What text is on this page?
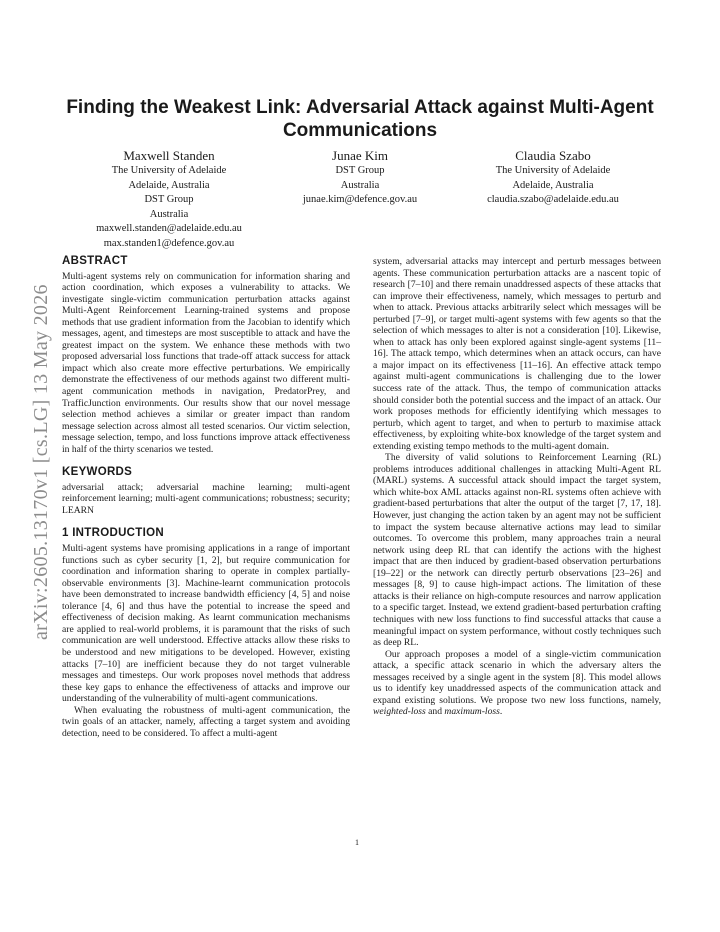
Finding the Weakest Link: Adversarial Attack against Multi-Agent Communications
Maxwell Standen
The University of Adelaide
Adelaide, Australia
DST Group
Australia
maxwell.standen@adelaide.edu.au
max.standen1@defence.gov.au
Junae Kim
DST Group
Australia
junae.kim@defence.gov.au
Claudia Szabo
The University of Adelaide
Adelaide, Australia
claudia.szabo@adelaide.edu.au
arXiv:2605.13170v1 [cs.LG] 13 May 2026
ABSTRACT

Multi-agent systems rely on communication for information sharing and action coordination, which exposes a vulnerability to attacks. We investigate single-victim communication perturbation attacks against Multi-Agent Reinforcement Learning-trained systems and propose methods that use gradient information from the Jacobian to identify which messages, agent, and timesteps are most susceptible to attack and have the greatest impact on the system. We enhance these methods with two proposed adversarial loss functions that trade-off attack success for attack impact which also create more effective perturbations. We empirically demonstrate the effectiveness of our methods against two different multi-agent communication methods in navigation, PredatorPrey, and TrafficJunction environments. Our results show that our novel message selection method achieves a similar or greater impact than random message selection across almost all tested scenarios. Our victim selection, message selection, tempo, and loss functions improve attack effectiveness in half of the thirty scenarios we tested.

KEYWORDS

adversarial attack; adversarial machine learning; multi-agent reinforcement learning; multi-agent communications; robustness; security; LEARN

1 INTRODUCTION

Multi-agent systems have promising applications in a range of important functions such as cyber security [1, 2], but require communication for coordination and information sharing to operate in complex partially-observable environments [3]. Machine-learnt communication protocols have been demonstrated to increase bandwidth efficiency [4, 5] and noise tolerance [4, 6] and thus have the potential to increase the speed and effectiveness of decision making. As learnt communication mechanisms are applied to real-world problems, it is paramount that the risks of such communication are well understood. Effective attacks allow these risks to be understood and new mitigations to be developed. However, existing attacks [7–10] are inefficient because they do not target vulnerable messages and timesteps. Our work proposes novel methods that address these key gaps to enhance the effectiveness of attacks and improve our understanding of the vulnerability of multi-agent communications.

When evaluating the robustness of multi-agent communication, the twin goals of an attacker, namely, affecting a target system and avoiding detection, need to be considered. To affect a multi-agent

system, adversarial attacks may intercept and perturb messages between agents. These communication perturbation attacks are a nascent topic of research [7–10] and there remain unaddressed aspects of these attacks that can improve their effectiveness, namely, which messages to perturb and when to attack. Previous attacks arbitrarily select which messages will be perturbed [7–9], or target multi-agent systems with few agents so that the selection of which messages to alter is not a consideration [10]. Likewise, when to attack has only been explored against single-agent systems [11–16]. The attack tempo, which determines when an attack occurs, can have a major impact on its effectiveness [11–16]. An effective attack tempo against multi-agent communications is challenging due to the lower success rate of the attack. Thus, the tempo of communication attacks should consider both the potential success and the impact of an attack. Our work proposes methods for efficiently identifying which messages to perturb, which agent to target, and when to perturb to maximise attack effectiveness, by exploiting white-box knowledge of the target system and extending existing tempo methods to the multi-agent domain.

The diversity of valid solutions to Reinforcement Learning (RL) problems introduces additional challenges in attacking Multi-Agent RL (MARL) systems. A successful attack should impact the target system, which white-box AML attacks against non-RL systems often achieve with gradient-based perturbations that alter the output of the target [7, 17, 18]. However, just changing the action taken by an agent may not be sufficient to impact the system because alternative actions may lead to similar outcomes. To overcome this problem, many approaches train a neural network using deep RL that can identify the actions with the highest impact that are then induced by gradient-based observation perturbations [19–22] or the network can directly perturb observations [23–26] and messages [8, 9] to cause high-impact actions. The limitation of these attacks is their reliance on high-compute resources and narrow application to a specific target. Instead, we extend gradient-based perturbation crafting techniques with new loss functions to find successful attacks that cause a meaningful impact on system performance, without costly techniques such as deep RL.

Our approach proposes a model of a single-victim communication attack, a specific attack scenario in which the adversary alters the messages received by a single agent in the system [8]. This model allows us to identify key unaddressed aspects of the communication attack and expand existing solutions. We propose two new loss functions, namely, weighted-loss and maximum-loss.

1
